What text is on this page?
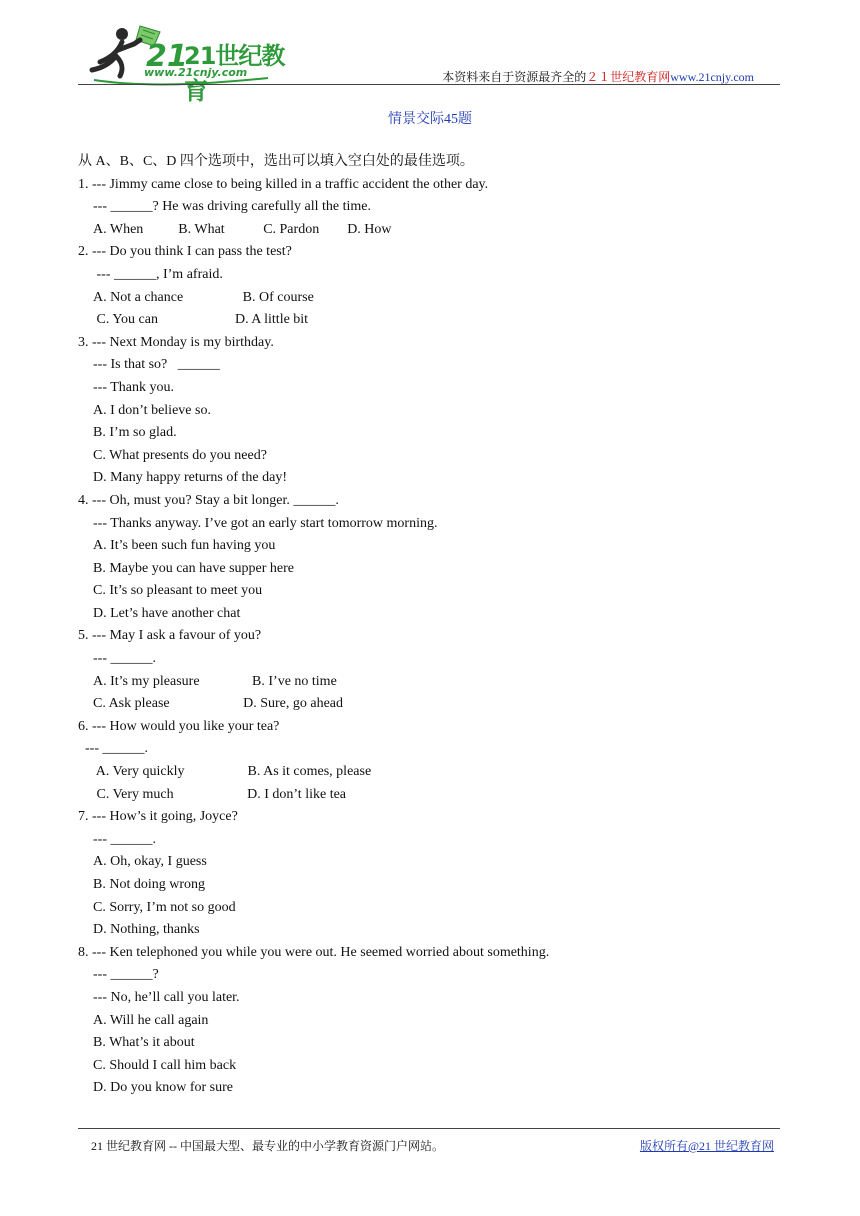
21
21世纪教育
www.21cnjy.com	本资料来自于资源最齐全的２１世纪教育网www.21cnjy.com
情景交际45题
从 A、B、C、D 四个选项中，选出可以填入空白处的最佳选项。
1. --- Jimmy came close to being killed in a traffic accident the other day.
--- ______? He was driving carefully all the time.
A. When          B. What           C. Pardon        D. How
2. --- Do you think I can pass the test?
--- ______, I’m afraid.
A. Not a chance                 B. Of course
C. You can                      D. A little bit
3. --- Next Monday is my birthday.
--- Is that so?   ______
--- Thank you.
A. I don’t believe so.
B. I’m so glad.
C. What presents do you need?
D. Many happy returns of the day!
4. --- Oh, must you? Stay a bit longer. ______.
--- Thanks anyway. I’ve got an early start tomorrow morning.
A. It’s been such fun having you
B. Maybe you can have supper here
C. It’s so pleasant to meet you
D. Let’s have another chat
5. --- May I ask a favour of you?
--- ______.
A. It’s my pleasure               B. I’ve no time
C. Ask please                     D. Sure, go ahead
6. --- How would you like your tea?
--- ______.
A. Very quickly                  B. As it comes, please
C. Very much                     D. I don’t like tea
7. --- How’s it going, Joyce?
--- ______.
A. Oh, okay, I guess
B. Not doing wrong
C. Sorry, I’m not so good
D. Nothing, thanks
8. --- Ken telephoned you while you were out. He seemed worried about something.
--- ______?
--- No, he’ll call you later.
A. Will he call again
B. What’s it about
C. Should I call him back
D. Do you know for sure
21 世纪教育网 -- 中国最大型、最专业的中小学教育资源门户网站。	版权所有@21 世纪教育网
